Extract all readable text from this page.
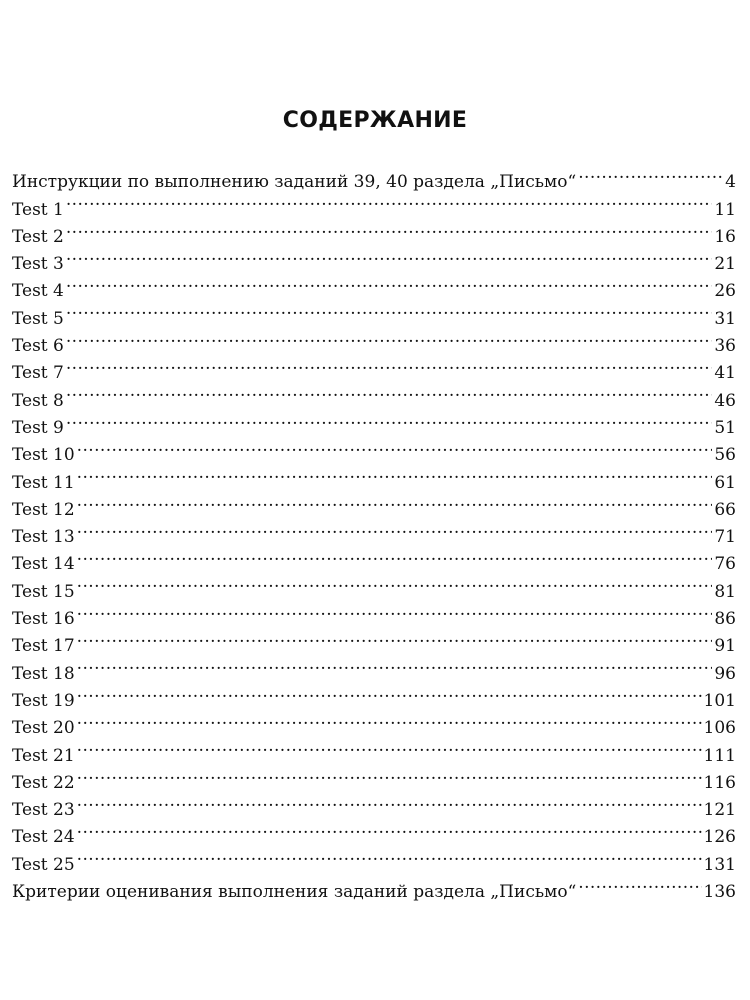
СОДЕРЖАНИЕ
Инструкции по выполнению заданий 39, 40 раздела „Письмо“ .....	4
Test 1 .....	11
Test 2 .....	16
Test 3 .....	21
Test 4 .....	26
Test 5 .....	31
Test 6 .....	36
Test 7 .....	41
Test 8 .....	46
Test 9 .....	51
Test 10 .....	56
Test 11 .....	61
Test 12 .....	66
Test 13 .....	71
Test 14 .....	76
Test 15 .....	81
Test 16 .....	86
Test 17 .....	91
Test 18 .....	96
Test 19 .....	101
Test 20 .....	106
Test 21 .....	111
Test 22 .....	116
Test 23 .....	121
Test 24 .....	126
Test 25 .....	131
Критерии оценивания выполнения заданий раздела „Письмо“ .....	136
